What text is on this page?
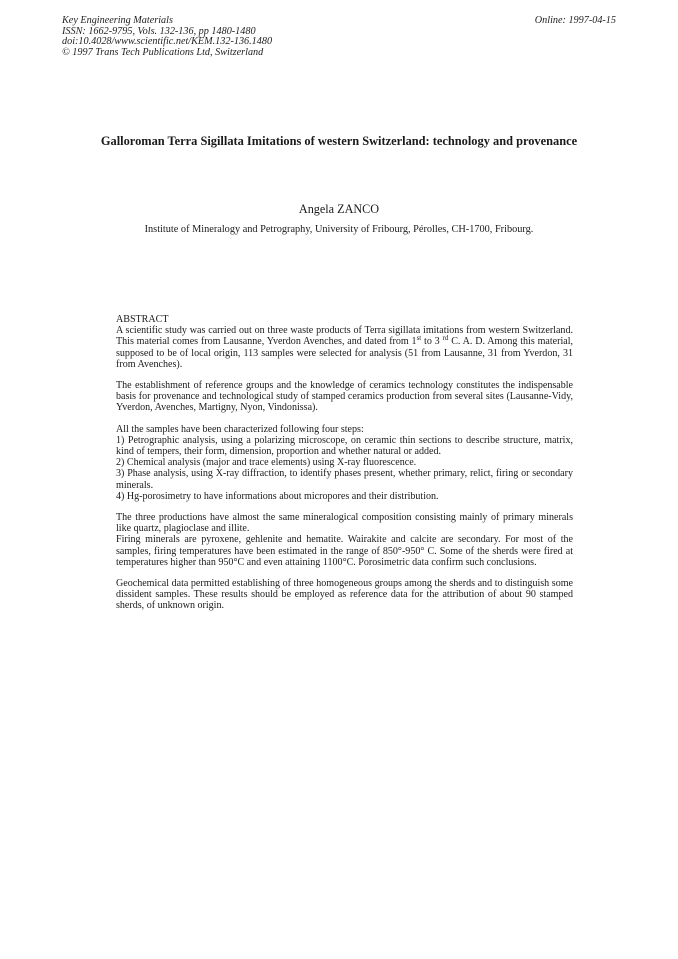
Key Engineering Materials
ISSN: 1662-9795, Vols. 132-136, pp 1480-1480
doi:10.4028/www.scientific.net/KEM.132-136.1480
© 1997 Trans Tech Publications Ltd, Switzerland
Online: 1997-04-15
Galloroman Terra Sigillata Imitations of western Switzerland: technology and provenance
Angela ZANCO
Institute of Mineralogy and Petrography, University of Fribourg, Pérolles, CH-1700, Fribourg.

ABSTRACT
A scientific study was carried out on three waste products of Terra sigillata imitations from western Switzerland. This material comes from Lausanne, Yverdon Avenches, and dated from 1st to 3 $^{rd}$ C. A. D. Among this material, supposed to be of local origin, 113 samples were selected for analysis (51 from Lausanne, 31 from Yverdon, 31 from Avenches).

The establishment of reference groups and the knowledge of ceramics technology constitutes the indispensable basis for provenance and technological study of stamped ceramics production from several sites (Lausanne-Vidy, Yverdon, Avenches, Martigny, Nyon, Vindonissa).

All the samples have been characterized following four steps:
1) Petrographic analysis, using a polarizing microscope, on ceramic thin sections to describe structure, matrix, kind of tempers, their form, dimension, proportion and whether natural or added.
2) Chemical analysis (major and trace elements) using X-ray fluorescence.
3) Phase analysis, using X-ray diffraction, to identify phases present, whether primary, relict, firing or secondary minerals.
4) Hg-porosimetry to have informations about micropores and their distribution.

The three productions have almost the same mineralogical composition consisting mainly of primary minerals like quartz, plagioclase and illite.
Firing minerals are pyroxene, gehlenite and hematite. Wairakite and calcite are secondary. For most of the samples, firing temperatures have been estimated in the range of 850°-950° C. Some of the sherds were fired at temperatures higher than 950°C and even attaining 1100°C. Porosimetric data confirm such conclusions.

Geochemical data permitted establishing of three homogeneous groups among the sherds and to distinguish some dissident samples. These results should be employed as reference data for the attribution of about 90 stamped sherds, of unknown origin.
